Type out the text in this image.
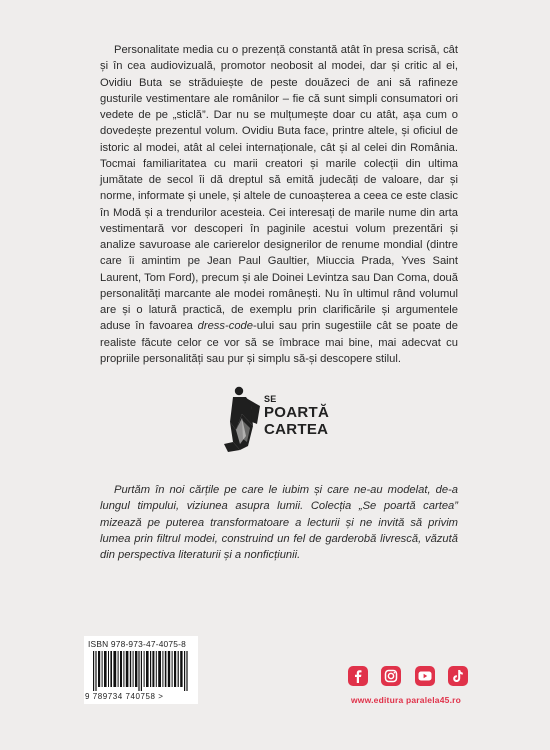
Personalitate media cu o prezență constantă atât în presa scrisă, cât și în cea audiovizuală, promotor neobosit al modei, dar și critic al ei, Ovidiu Buta se străduiește de peste douăzeci de ani să rafineze gusturile vestimentare ale românilor – fie că sunt simpli consumatori ori vedete de pe „sticlă”. Dar nu se mulțumește doar cu atât, așa cum o dovedește prezentul volum. Ovidiu Buta face, printre altele, și oficiul de istoric al modei, atât al celei internaționale, cât și al celei din România. Tocmai familiaritatea cu marii creatori și marile colecții din ultima jumătate de secol îi dă dreptul să emită judecăți de valoare, dar și norme, informate și unele, și altele de cunoașterea a ceea ce este clasic în Modă și a trendurilor acesteia. Cei interesați de marile nume din arta vestimentară vor descoperi în paginile acestui volum prezentări și analize savuroase ale carierelor designerilor de renume mondial (dintre care îi amintim pe Jean Paul Gaultier, Miuccia Prada, Yves Saint Laurent, Tom Ford), precum și ale Doinei Levintza sau Dan Coma, două personalități marcante ale modei românești. Nu în ultimul rând volumul are și o latură practică, de exemplu prin clarificările și argumentele aduse în favoarea dress-code-ului sau prin sugestiile cât se poate de realiste făcute celor ce vor să se îmbrace mai bine, mai adecvat cu propriile personalități sau pur și simplu să-și descopere stilul.

SE
POARTĂ
CARTEA

Purtăm în noi cărțile pe care le iubim și care ne-au modelat, de-a lungul timpului, viziunea asupra lumii. Colecția „Se poartă cartea” mizează pe puterea transformatoare a lecturii și ne invită să privim lumea prin filtrul modei, construind un fel de garderobă livrescă, văzută din perspectiva literaturii și a nonficțiunii.

ISBN 978-973-47-4075-8
9 789734 740758 >	www.editura paralela45.ro
